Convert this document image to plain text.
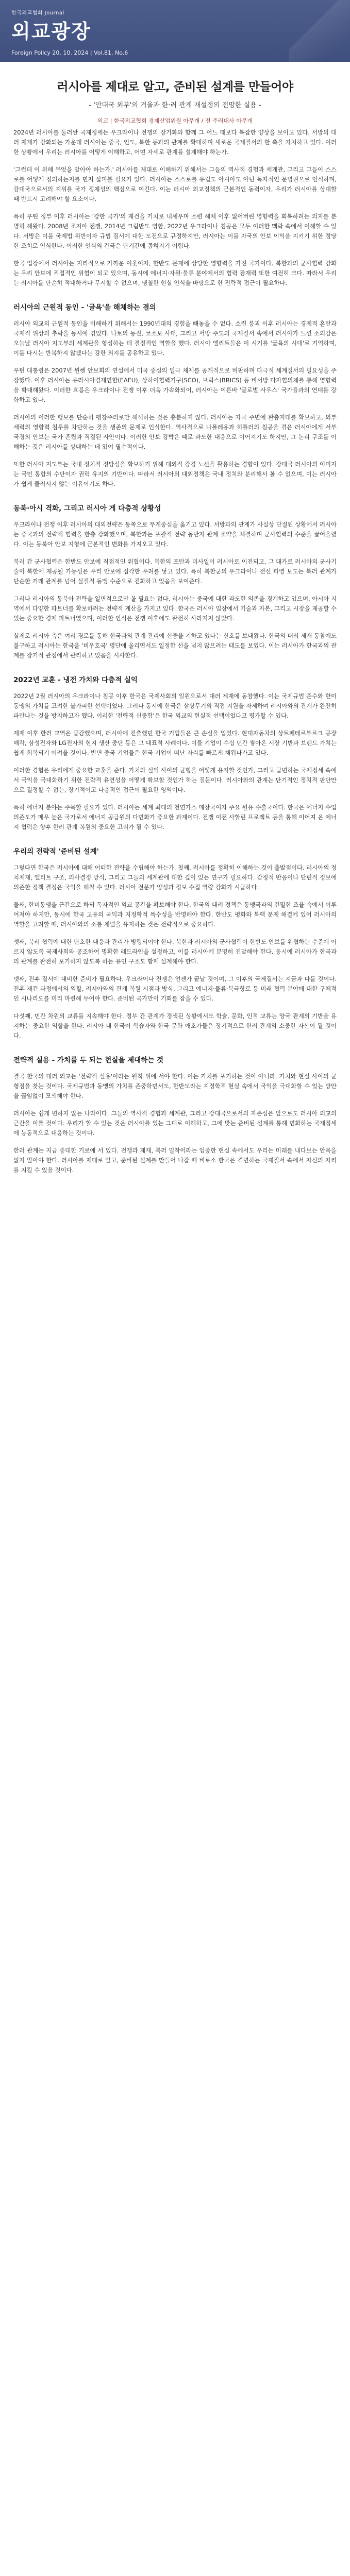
한국외교협회 Journal
외교광장
Foreign Policy 20. 10. 2024 | Vol.81, No.6
러시아를 제대로 알고, 준비된 설계를 만들어야
- '안대국 외부'의 겨울과 한·러 관계 재설정의 전망한 실용 -
외교 | 한국외교협회 경제산업위원 아무개 / 전 주러대사 아무개

2024년 러시아를 둘러싼 국제정세는 우크라이나 전쟁의 장기화와 함께 그 어느 때보다 복잡한 양상을 보이고 있다. 서방의 대러 제재가 강화되는 가운데 러시아는 중국, 인도, 북한 등과의 관계를 확대하며 새로운 국제질서의 한 축을 자처하고 있다. 이러한 상황에서 우리는 러시아를 어떻게 이해하고, 어떤 자세로 관계를 설계해야 하는가.

'그런데 이 위해 무엇을 알아야 하는가.' 러시아를 제대로 이해하기 위해서는 그들의 역사적 경험과 세계관, 그리고 그들이 스스로를 어떻게 정의하는지를 먼저 살펴볼 필요가 있다. 러시아는 스스로를 유럽도 아시아도 아닌 독자적인 문명권으로 인식하며, 강대국으로서의 지위를 국가 정체성의 핵심으로 여긴다. 이는 러시아 외교정책의 근본적인 동력이자, 우리가 러시아를 상대할 때 반드시 고려해야 할 요소이다.

특히 푸틴 정부 이후 러시아는 '강한 국가'의 재건을 기치로 내세우며 소련 해체 이후 잃어버린 영향력을 회복하려는 의지를 분명히 해왔다. 2008년 조지아 전쟁, 2014년 크림반도 병합, 2022년 우크라이나 침공은 모두 이러한 맥락 속에서 이해할 수 있다. 서방은 이를 국제법 위반이자 규범 질서에 대한 도전으로 규정하지만, 러시아는 이를 자국의 안보 이익을 지키기 위한 정당한 조치로 인식한다. 이러한 인식의 간극은 단기간에 좁혀지기 어렵다.

한국 입장에서 러시아는 지리적으로 가까운 이웃이자, 한반도 문제에 상당한 영향력을 가진 국가이다. 북한과의 군사협력 강화는 우리 안보에 직접적인 위협이 되고 있으며, 동시에 에너지·자원·물류 분야에서의 협력 잠재력 또한 여전히 크다. 따라서 우리는 러시아를 단순히 적대하거나 무시할 수 없으며, 냉철한 현실 인식을 바탕으로 한 전략적 접근이 필요하다.

러시아의 근원적 동인 - '굴욕'을 해체하는 결의

러시아 외교의 근원적 동인을 이해하기 위해서는 1990년대의 경험을 빼놓을 수 없다. 소련 붕괴 이후 러시아는 경제적 혼란과 국제적 위상의 추락을 동시에 겪었다. 나토의 동진, 코소보 사태, 그리고 서방 주도의 국제질서 속에서 러시아가 느낀 소외감은 오늘날 러시아 지도부의 세계관을 형성하는 데 결정적인 역할을 했다. 러시아 엘리트들은 이 시기를 '굴욕의 시대'로 기억하며, 이를 다시는 반복하지 않겠다는 강한 의지를 공유하고 있다.

푸틴 대통령은 2007년 뮌헨 안보회의 연설에서 미국 중심의 일극 체제를 공개적으로 비판하며 다극적 세계질서의 필요성을 주장했다. 이후 러시아는 유라시아경제연합(EAEU), 상하이협력기구(SCO), 브릭스(BRICS) 등 비서방 다자협의체를 통해 영향력을 확대해왔다. 이러한 흐름은 우크라이나 전쟁 이후 더욱 가속화되어, 러시아는 이른바 '글로벌 사우스' 국가들과의 연대를 강화하고 있다.

러시아의 이러한 행보를 단순히 팽창주의로만 해석하는 것은 충분하지 않다. 러시아는 자국 주변에 완충지대를 확보하고, 외부 세력의 영향력 침투를 차단하는 것을 생존의 문제로 인식한다. 역사적으로 나폴레옹과 히틀러의 침공을 겪은 러시아에게 서부 국경의 안보는 국가 존립과 직결된 사안이다. 이러한 안보 강박은 때로 과도한 대응으로 이어지기도 하지만, 그 논리 구조를 이해하는 것은 러시아를 상대하는 데 있어 필수적이다.

또한 러시아 지도부는 국내 정치적 정당성을 확보하기 위해 대외적 강경 노선을 활용하는 경향이 있다. 강대국 러시아의 이미지는 국민 통합의 수단이자 권력 유지의 기반이다. 따라서 러시아의 대외정책은 국내 정치와 분리해서 볼 수 없으며, 이는 러시아가 쉽게 물러서지 않는 이유이기도 하다.

동북·아시 격화, 그리고 러시아 게 다층적 상황성

우크라이나 전쟁 이후 러시아의 대외전략은 동쪽으로 무게중심을 옮기고 있다. 서방과의 관계가 사실상 단절된 상황에서 러시아는 중국과의 전략적 협력을 한층 강화했으며, 북한과는 포괄적 전략 동반자 관계 조약을 체결하며 군사협력의 수준을 끌어올렸다. 이는 동북아 안보 지형에 근본적인 변화를 가져오고 있다.

북러 간 군사협력은 한반도 안보에 직접적인 위협이다. 북한의 포탄과 미사일이 러시아로 이전되고, 그 대가로 러시아의 군사기술이 북한에 제공될 가능성은 우리 안보에 심각한 우려를 낳고 있다. 특히 북한군의 우크라이나 전선 파병 보도는 북러 관계가 단순한 거래 관계를 넘어 실질적 동맹 수준으로 진화하고 있음을 보여준다.

그러나 러시아의 동북아 전략을 일면적으로만 볼 필요는 없다. 러시아는 중국에 대한 과도한 의존을 경계하고 있으며, 아시아 지역에서 다양한 파트너를 확보하려는 전략적 계산을 가지고 있다. 한국은 러시아 입장에서 기술과 자본, 그리고 시장을 제공할 수 있는 중요한 경제 파트너였으며, 이러한 인식은 전쟁 이후에도 완전히 사라지지 않았다.

실제로 러시아 측은 여러 경로를 통해 한국과의 관계 관리에 신중을 기하고 있다는 신호를 보내왔다. 한국의 대러 제재 동참에도 불구하고 러시아는 한국을 '비우호국' 명단에 올리면서도 일정한 선을 넘지 않으려는 태도를 보였다. 이는 러시아가 한국과의 관계를 장기적 관점에서 관리하고 있음을 시사한다.

2022년 교훈 - 냉전 가치와 다층적 실익

2022년 2월 러시아의 우크라이나 침공 이후 한국은 국제사회의 일원으로서 대러 제재에 동참했다. 이는 국제규범 준수와 한미동맹의 가치를 고려한 불가피한 선택이었다. 그러나 동시에 한국은 살상무기의 직접 지원을 자제하며 러시아와의 관계가 완전히 파탄나는 것을 방지하고자 했다. 이러한 '전략적 신중함'은 한국 외교의 현실적 선택이었다고 평가할 수 있다.

제재 이후 한러 교역은 급감했으며, 러시아에 진출했던 한국 기업들은 큰 손실을 입었다. 현대자동차의 상트페테르부르크 공장 매각, 삼성전자와 LG전자의 현지 생산 중단 등은 그 대표적 사례이다. 이들 기업이 수십 년간 쌓아온 시장 기반과 브랜드 가치는 쉽게 회복되기 어려울 것이다. 반면 중국 기업들은 한국 기업이 떠난 자리를 빠르게 채워나가고 있다.

이러한 경험은 우리에게 중요한 교훈을 준다. 가치와 실익 사이의 균형을 어떻게 유지할 것인가, 그리고 급변하는 국제정세 속에서 국익을 극대화하기 위한 전략적 유연성을 어떻게 확보할 것인가 하는 질문이다. 러시아와의 관계는 단기적인 정치적 판단만으로 결정할 수 없는, 장기적이고 다층적인 접근이 필요한 영역이다.

특히 에너지 분야는 주목할 필요가 있다. 러시아는 세계 최대의 천연가스 매장국이자 주요 원유 수출국이다. 한국은 에너지 수입 의존도가 매우 높은 국가로서 에너지 공급원의 다변화가 중요한 과제이다. 전쟁 이전 사할린 프로젝트 등을 통해 이어져 온 에너지 협력은 향후 한러 관계 복원의 중요한 고리가 될 수 있다.

우리의 전략적 '준비된 설계'

그렇다면 한국은 러시아에 대해 어떠한 전략을 수립해야 하는가. 첫째, 러시아를 정확히 이해하는 것이 출발점이다. 러시아의 정치체제, 엘리트 구조, 의사결정 방식, 그리고 그들의 세계관에 대한 깊이 있는 연구가 필요하다. 감정적 반응이나 단편적 정보에 의존한 정책 결정은 국익을 해칠 수 있다. 러시아 전문가 양성과 정보 수집 역량 강화가 시급하다.

둘째, 한미동맹을 근간으로 하되 독자적인 외교 공간을 확보해야 한다. 한국의 대러 정책은 동맹국과의 긴밀한 조율 속에서 이루어져야 하지만, 동시에 한국 고유의 국익과 지정학적 특수성을 반영해야 한다. 한반도 평화와 북핵 문제 해결에 있어 러시아의 역할을 고려할 때, 러시아와의 소통 채널을 유지하는 것은 전략적으로 중요하다.

셋째, 북러 협력에 대한 단호한 대응과 관리가 병행되어야 한다. 북한과 러시아의 군사협력이 한반도 안보를 위협하는 수준에 이르지 않도록 국제사회와 공조하여 명확한 레드라인을 설정하고, 이를 러시아에 분명히 전달해야 한다. 동시에 러시아가 한국과의 관계를 완전히 포기하지 않도록 하는 유인 구조도 함께 설계해야 한다.

넷째, 전후 질서에 대비한 준비가 필요하다. 우크라이나 전쟁은 언젠가 끝날 것이며, 그 이후의 국제질서는 지금과 다를 것이다. 전후 재건 과정에서의 역할, 러시아와의 관계 복원 시점과 방식, 그리고 에너지·물류·북극항로 등 미래 협력 분야에 대한 구체적인 시나리오를 미리 마련해 두어야 한다. 준비된 국가만이 기회를 잡을 수 있다.

다섯째, 민간 차원의 교류를 지속해야 한다. 정부 간 관계가 경색된 상황에서도 학술, 문화, 인적 교류는 양국 관계의 기반을 유지하는 중요한 역할을 한다. 러시아 내 한국어 학습자와 한국 문화 애호가들은 장기적으로 한러 관계의 소중한 자산이 될 것이다.

전략적 실용 - 가치를 두 되는 현실을 제대하는 것

결국 한국의 대러 외교는 '전략적 실용'이라는 원칙 위에 서야 한다. 이는 가치를 포기하는 것이 아니라, 가치와 현실 사이의 균형점을 찾는 것이다. 국제규범과 동맹의 가치를 존중하면서도, 한반도라는 지정학적 현실 속에서 국익을 극대화할 수 있는 방안을 끊임없이 모색해야 한다.

러시아는 쉽게 변하지 않는 나라이다. 그들의 역사적 경험과 세계관, 그리고 강대국으로서의 자존심은 앞으로도 러시아 외교의 근간을 이룰 것이다. 우리가 할 수 있는 것은 러시아를 있는 그대로 이해하고, 그에 맞는 준비된 설계를 통해 변화하는 국제정세에 능동적으로 대응하는 것이다.

한러 관계는 지금 중대한 기로에 서 있다. 전쟁과 제재, 북러 밀착이라는 엄중한 현실 속에서도 우리는 미래를 내다보는 안목을 잃지 말아야 한다. 러시아를 제대로 알고, 준비된 설계를 만들어 나갈 때 비로소 한국은 격변하는 국제질서 속에서 자신의 자리를 지킬 수 있을 것이다.
